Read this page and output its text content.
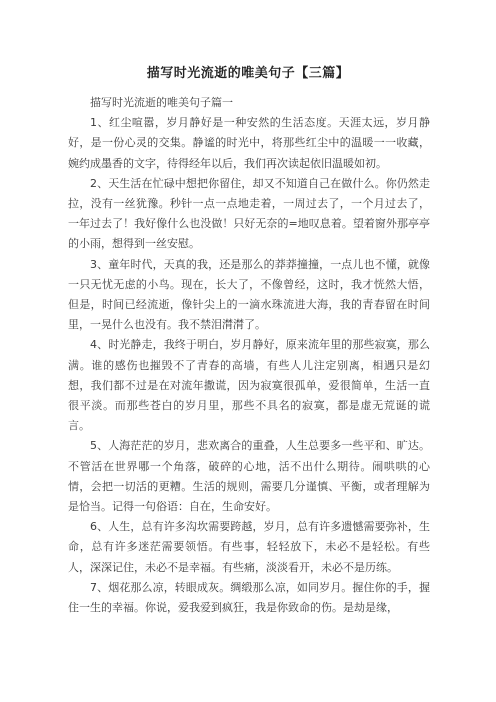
描写时光流逝的唯美句子【三篇】

描写时光流逝的唯美句子篇一

1、红尘喧嚣，岁月静好是一种安然的生活态度。天涯太远，岁月静好，是一份心灵的交集。静谧的时光中，将那些红尘中的温暖一一收藏，婉约成墨香的文字，待得经年以后，我们再次读起依旧温暖如初。

2、天生活在忙碌中想把你留住，却又不知道自己在做什么。你仍然走拉，没有一丝犹豫。秒针一点一点地走着，一周过去了，一个月过去了，一年过去了！我好像什么也没做！只好无奈的=地叹息着。望着窗外那亭亭的小雨，想得到一丝安慰。

3、童年时代，天真的我，还是那么的莽莽撞撞，一点儿也不懂，就像一只无忧无虑的小鸟。现在，长大了，不像曾经，这时，我才恍然大悟，但是，时间已经流逝，像针尖上的一滴水珠流进大海，我的青春留在时间里，一晃什么也没有。我不禁泪潸潸了。

4、时光静走，我终于明白，岁月静好，原来流年里的那些寂寞，那么满。谁的感伤也摧毁不了青春的高墙，有些人儿注定别离，相遇只是幻想，我们都不过是在对流年撒谎，因为寂寞很孤单，爱很简单，生活一直很平淡。而那些苍白的岁月里，那些不具名的寂寞，都是虚无荒诞的谎言。

5、人海茫茫的岁月，悲欢离合的重叠，人生总要多一些平和、旷达。不管活在世界哪一个角落，破碎的心地，活不出什么期待。闹哄哄的心情，会把一切活的更糟。生活的规则，需要几分谨慎、平衡，或者理解为是恰当。记得一句俗语：自在，生命安好。

6、人生，总有许多沟坎需要跨越，岁月，总有许多遗憾需要弥补，生命，总有许多迷茫需要领悟。有些事，轻轻放下，未必不是轻松。有些人，深深记住，未必不是幸福。有些痛，淡淡看开，未必不是历练。

7、烟花那么凉，转眼成灰。绸缎那么凉，如同岁月。握住你的手，握住一生的幸福。你说，爱我爱到疯狂，我是你致命的伤。是劫是缘，
